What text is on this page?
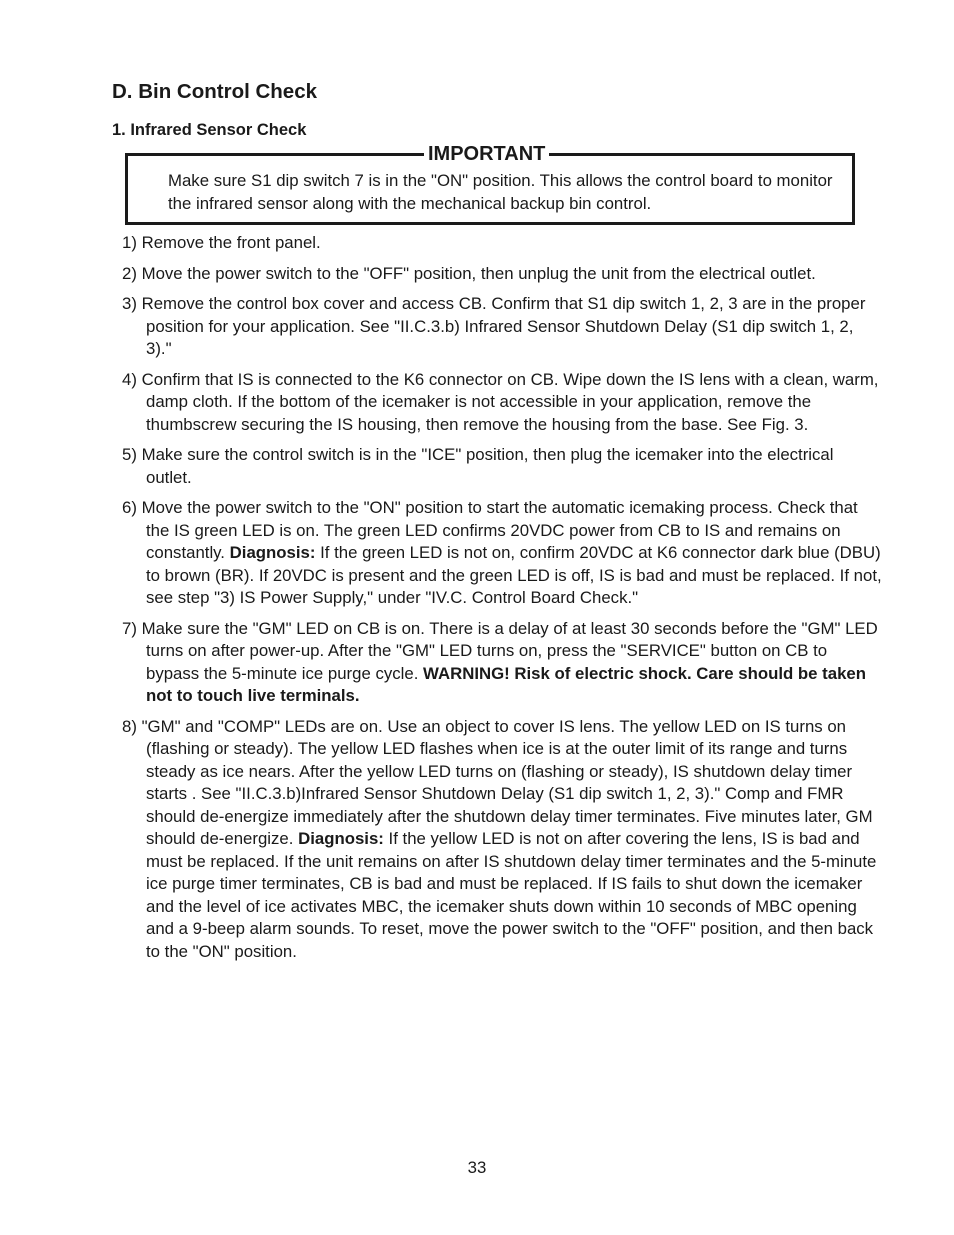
D. Bin Control Check
1. Infrared Sensor Check
IMPORTANT

Make sure S1 dip switch 7 is in the "ON" position. This allows the control board to monitor the infrared sensor along with the mechanical backup bin control.

1) Remove the front panel.
2) Move the power switch to the "OFF" position, then unplug the unit from the electrical outlet.
3) Remove the control box cover and access CB. Confirm that S1 dip switch 1, 2, 3 are in the proper position for your application. See "II.C.3.b) Infrared Sensor Shutdown Delay (S1 dip switch 1, 2, 3)."
4) Confirm that IS is connected to the K6 connector on CB. Wipe down the IS lens with a clean, warm, damp cloth. If the bottom of the icemaker is not accessible in your application, remove the thumbscrew securing the IS housing, then remove the housing from the base. See Fig. 3.
5) Make sure the control switch is in the "ICE" position, then plug the icemaker into the electrical outlet.
6) Move the power switch to the "ON" position to start the automatic icemaking process. Check that the IS green LED is on. The green LED confirms 20VDC power from CB to IS and remains on constantly. Diagnosis: If the green LED is not on, confirm 20VDC at K6 connector dark blue (DBU) to brown (BR). If 20VDC is present and the green LED is off, IS is bad and must be replaced. If not, see step "3) IS Power Supply," under "IV.C. Control Board Check."
7) Make sure the "GM" LED on CB is on. There is a delay of at least 30 seconds before the "GM" LED turns on after power-up. After the "GM" LED turns on, press the "SERVICE" button on CB to bypass the 5-minute ice purge cycle. WARNING! Risk of electric shock. Care should be taken not to touch live terminals.
8) "GM" and "COMP" LEDs are on. Use an object to cover IS lens. The yellow LED on IS turns on (flashing or steady). The yellow LED flashes when ice is at the outer limit of its range and turns steady as ice nears. After the yellow LED turns on (flashing or steady), IS shutdown delay timer starts . See "II.C.3.b)Infrared Sensor Shutdown Delay (S1 dip switch 1, 2, 3)." Comp and FMR should de-energize immediately after the shutdown delay timer terminates. Five minutes later, GM should de-energize. Diagnosis: If the yellow LED is not on after covering the lens, IS is bad and must be replaced. If the unit remains on after IS shutdown delay timer terminates and the 5-minute ice purge timer terminates, CB is bad and must be replaced. If IS fails to shut down the icemaker and the level of ice activates MBC, the icemaker shuts down within 10 seconds of MBC opening and a 9-beep alarm sounds. To reset, move the power switch to the "OFF" position, and then back to the "ON" position.
33
